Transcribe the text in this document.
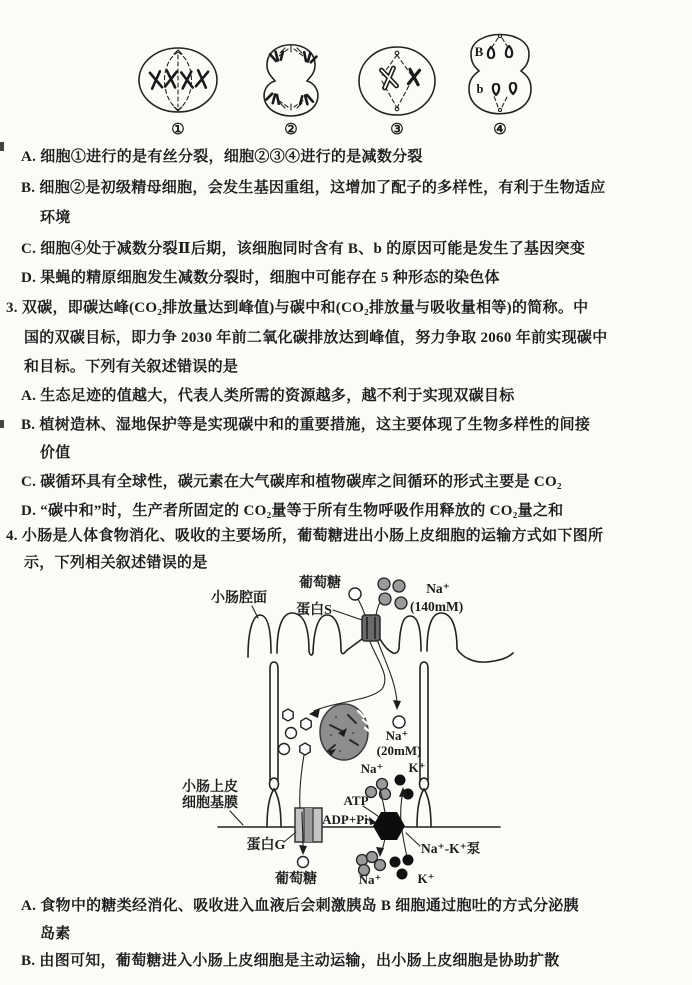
B
b
①	②	③	④
A. 细胞①进行的是有丝分裂，细胞②③④进行的是减数分裂
B. 细胞②是初级精母细胞，会发生基因重组，这增加了配子的多样性，有利于生物适应
环境
C. 细胞④处于减数分裂Ⅱ后期，该细胞同时含有 B、b 的原因可能是发生了基因突变
D. 果蝇的精原细胞发生减数分裂时，细胞中可能存在 5 种形态的染色体
3. 双碳，即碳达峰(CO₂排放量达到峰值)与碳中和(CO₂排放量与吸收量相等)的简称。中
国的双碳目标，即力争 2030 年前二氧化碳排放达到峰值，努力争取 2060 年前实现碳中
和目标。下列有关叙述错误的是
A. 生态足迹的值越大，代表人类所需的资源越多，越不利于实现双碳目标
B. 植树造林、湿地保护等是实现碳中和的重要措施，这主要体现了生物多样性的间接
价值
C. 碳循环具有全球性，碳元素在大气碳库和植物碳库之间循环的形式主要是 CO₂
D. “碳中和”时，生产者所固定的 CO₂量等于所有生物呼吸作用释放的 CO₂量之和
4. 小肠是人体食物消化、吸收的主要场所，葡萄糖进出小肠上皮细胞的运输方式如下图所
示，下列相关叙述错误的是
葡萄糖
蛋白S
小肠腔面
Na⁺
(140mM)
Na⁺
(20mM)
Na⁺ K⁺
ATP
ADP+Pi
小肠上皮
细胞基膜
Na⁺-K⁺泵
蛋白G
葡萄糖	Na⁺	K⁺
A. 食物中的糖类经消化、吸收进入血液后会刺激胰岛 B 细胞通过胞吐的方式分泌胰
岛素
B. 由图可知，葡萄糖进入小肠上皮细胞是主动运输，出小肠上皮细胞是协助扩散
